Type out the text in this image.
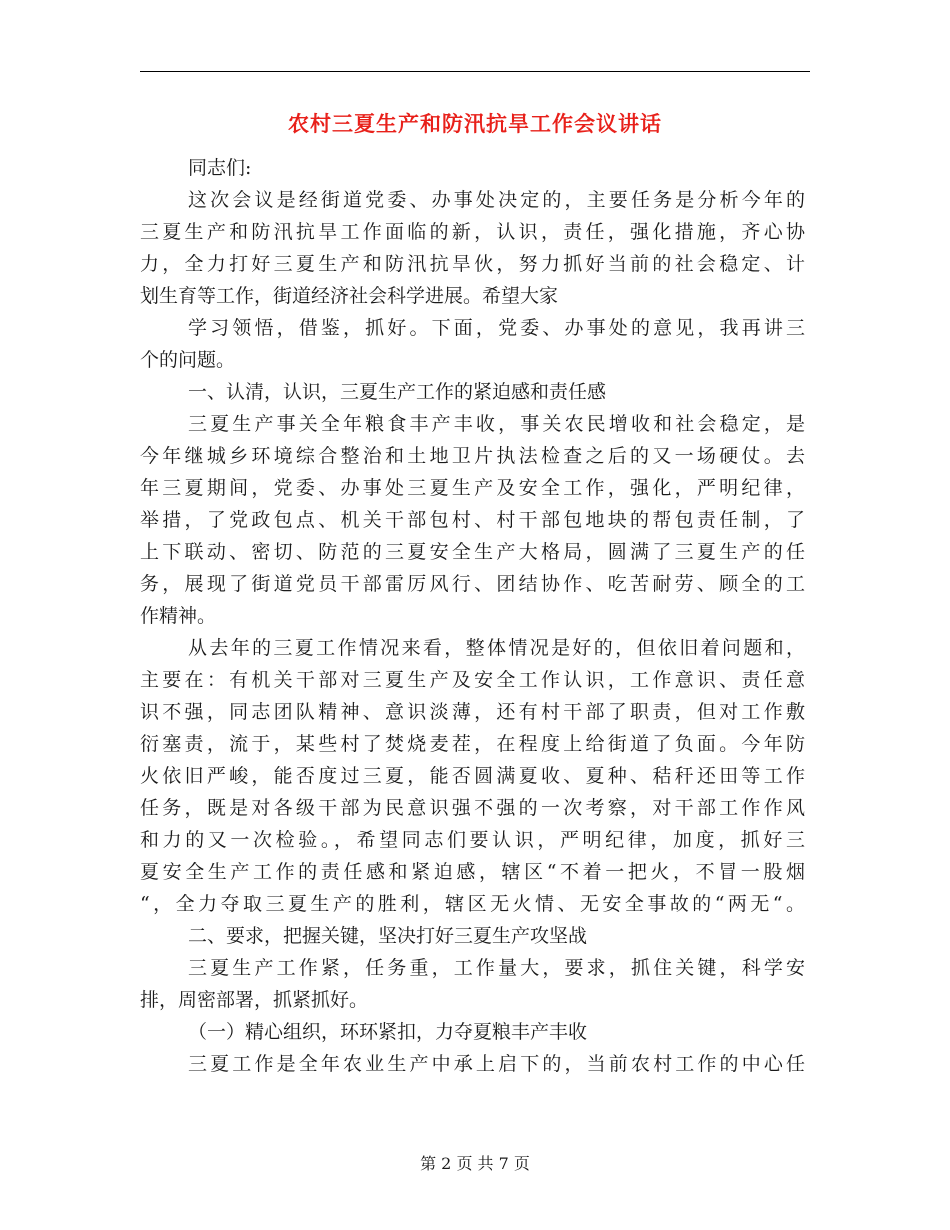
农村三夏生产和防汛抗旱工作会议讲话
同志们:
这次会议是经街道党委、办事处决定的，主要任务是分析今年的
三夏生产和防汛抗旱工作面临的新，认识，责任，强化措施，齐心协
力，全力打好三夏生产和防汛抗旱伙，努力抓好当前的社会稳定、计
划生育等工作，街道经济社会科学进展。希望大家
学习领悟，借鉴，抓好。下面，党委、办事处的意见，我再讲三
个的问题。
一、认清，认识，三夏生产工作的紧迫感和责任感
三夏生产事关全年粮食丰产丰收，事关农民增收和社会稳定，是
今年继城乡环境综合整治和土地卫片执法检查之后的又一场硬仗。去
年三夏期间，党委、办事处三夏生产及安全工作，强化，严明纪律，
举措，了党政包点、机关干部包村、村干部包地块的帮包责任制，了
上下联动、密切、防范的三夏安全生产大格局，圆满了三夏生产的任
务，展现了街道党员干部雷厉风行、团结协作、吃苦耐劳、顾全的工
作精神。
从去年的三夏工作情况来看，整体情况是好的，但依旧着问题和，
主要在：有机关干部对三夏生产及安全工作认识，工作意识、责任意
识不强，同志团队精神、意识淡薄，还有村干部了职责，但对工作敷
衍塞责，流于，某些村了焚烧麦茬，在程度上给街道了负面。今年防
火依旧严峻，能否度过三夏，能否圆满夏收、夏种、秸秆还田等工作
任务，既是对各级干部为民意识强不强的一次考察，对干部工作作风
和力的又一次检验。，希望同志们要认识，严明纪律，加度，抓好三
夏安全生产工作的责任感和紧迫感，辖区“不着一把火，不冒一股烟
“，全力夺取三夏生产的胜利，辖区无火情、无安全事故的“两无“。
二、要求，把握关键，坚决打好三夏生产攻坚战
三夏生产工作紧，任务重，工作量大，要求，抓住关键，科学安
排，周密部署，抓紧抓好。
（一）精心组织，环环紧扣，力夺夏粮丰产丰收
三夏工作是全年农业生产中承上启下的，当前农村工作的中心任
第 2 页 共 7 页
